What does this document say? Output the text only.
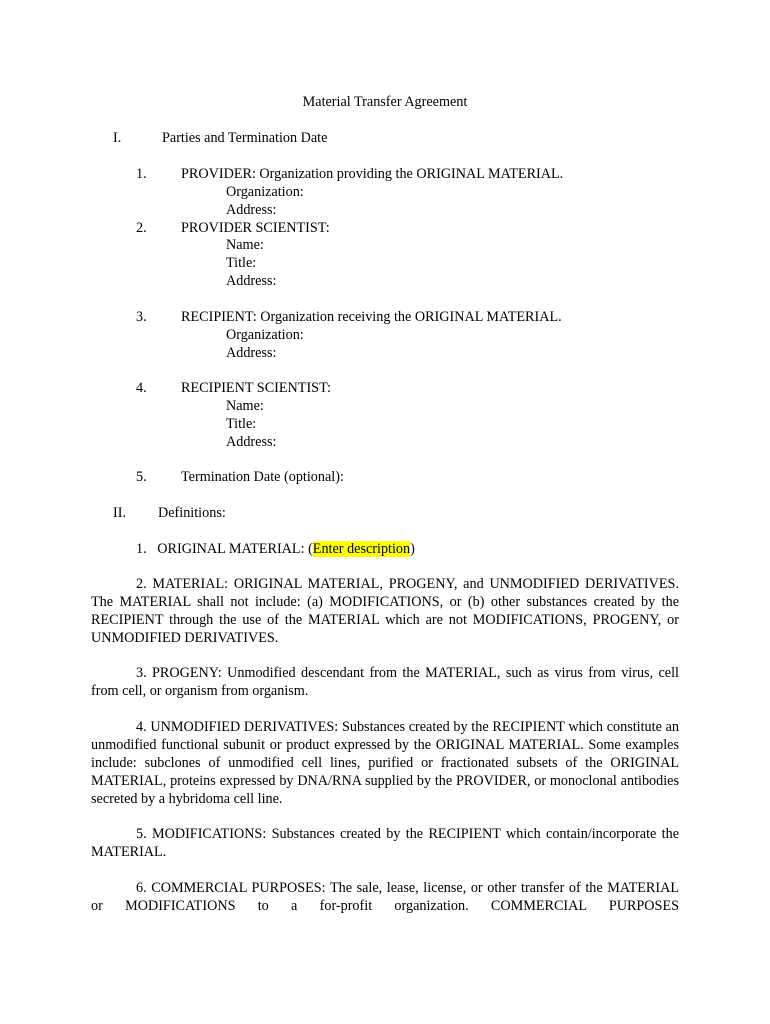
Material Transfer Agreement
I.	Parties and Termination Date
1. PROVIDER: Organization providing the ORIGINAL MATERIAL.
Organization:
Address:
2. PROVIDER SCIENTIST:
Name:
Title:
Address:
3. RECIPIENT: Organization receiving the ORIGINAL MATERIAL.
Organization:
Address:
4. RECIPIENT SCIENTIST:
Name:
Title:
Address:
5. Termination Date (optional):
II. Definitions:
1.   ORIGINAL MATERIAL: (Enter description)
2. MATERIAL: ORIGINAL MATERIAL, PROGENY, and UNMODIFIED DERIVATIVES. The MATERIAL shall not include: (a) MODIFICATIONS, or (b) other substances created by the RECIPIENT through the use of the MATERIAL which are not MODIFICATIONS, PROGENY, or UNMODIFIED DERIVATIVES.
3. PROGENY: Unmodified descendant from the MATERIAL, such as virus from virus, cell from cell, or organism from organism.
4. UNMODIFIED DERIVATIVES: Substances created by the RECIPIENT which constitute an unmodified functional subunit or product expressed by the ORIGINAL MATERIAL. Some examples include: subclones of unmodified cell lines, purified or fractionated subsets of the ORIGINAL MATERIAL, proteins expressed by DNA/RNA supplied by the PROVIDER, or monoclonal antibodies secreted by a hybridoma cell line.
5. MODIFICATIONS: Substances created by the RECIPIENT which contain/incorporate the MATERIAL.
6. COMMERCIAL PURPOSES: The sale, lease, license, or other transfer of the MATERIAL or MODIFICATIONS to a for-profit organization. COMMERCIAL PURPOSES
